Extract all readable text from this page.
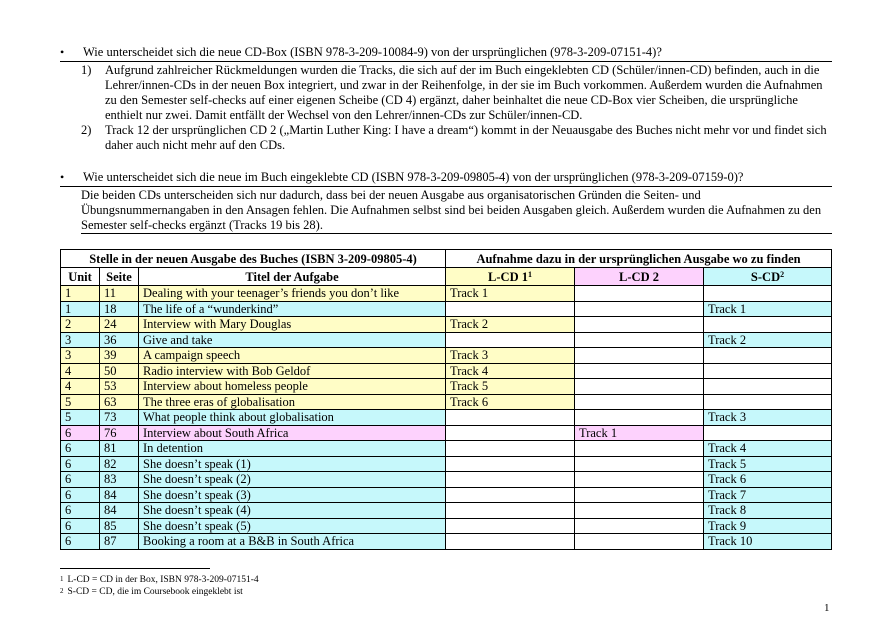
•	Wie unterscheidet sich die neue CD-Box (ISBN 978-3-209-10084-9) von der ursprünglichen (978-3-209-07151-4)?
1)	Aufgrund zahlreicher Rückmeldungen wurden die Tracks, die sich auf der im Buch eingeklebten CD (Schüler/innen-CD) befinden, auch in die Lehrer/innen-CDs in der neuen Box integriert, und zwar in der Reihenfolge, in der sie im Buch vorkommen. Außerdem wurden die Aufnahmen zu den Semester self-checks auf einer eigenen Scheibe (CD 4) ergänzt, daher beinhaltet die neue CD-Box vier Scheiben, die ursprüngliche enthielt nur zwei. Damit entfällt der Wechsel von den Lehrer/innen-CDs zur Schüler/innen-CD.
2)	Track 12 der ursprünglichen CD 2 („Martin Luther King: I have a dream“) kommt in der Neuausgabe des Buches nicht mehr vor und findet sich daher auch nicht mehr auf den CDs.
•	Wie unterscheidet sich die neue im Buch eingeklebte CD (ISBN 978-3-209-09805-4) von der ursprünglichen (978-3-209-07159-0)?
Die beiden CDs unterscheiden sich nur dadurch, dass bei der neuen Ausgabe aus organisatorischen Gründen die Seiten- und Übungsnummernangaben in den Ansagen fehlen. Die Aufnahmen selbst sind bei beiden Ausgaben gleich. Außerdem wurden die Aufnahmen zu den Semester self-checks ergänzt (Tracks 19 bis 28).
Stelle in der neuen Ausgabe des Buches (ISBN 3-209-09805-4)			Aufnahme dazu in der ursprünglichen Ausgabe wo zu finden		
Unit	Seite	Titel der Aufgabe	L-CD $1^1$	L-CD 2	$S-CD^2$
1	11	Dealing with your teenager’s friends you don’t like	Track 1		
1	18	The life of a “wunderkind”			Track 1
2	24	Interview with Mary Douglas	Track 2		
3	36	Give and take			Track 2
3	39	A campaign speech	Track 3		
4	50	Radio interview with Bob Geldof	Track 4		
4	53	Interview about homeless people	Track 5		
5	63	The three eras of globalisation	Track 6		
5	73	What people think about globalisation			Track 3
6	76	Interview about South Africa		Track 1	
6	81	In detention			Track 4
6	82	She doesn’t speak (1)			Track 5
6	83	She doesn’t speak (2)			Track 6
6	84	She doesn’t speak (3)			Track 7
6	84	She doesn’t speak (4)			Track 8
6	85	She doesn’t speak (5)			Track 9
6	87	Booking a room at a B&B in South Africa			Track 10
$^1$ L-CD = CD in der Box, ISBN 978-3-209-07151-4
$^2$ S-CD = CD, die im Coursebook eingeklebt ist
1
